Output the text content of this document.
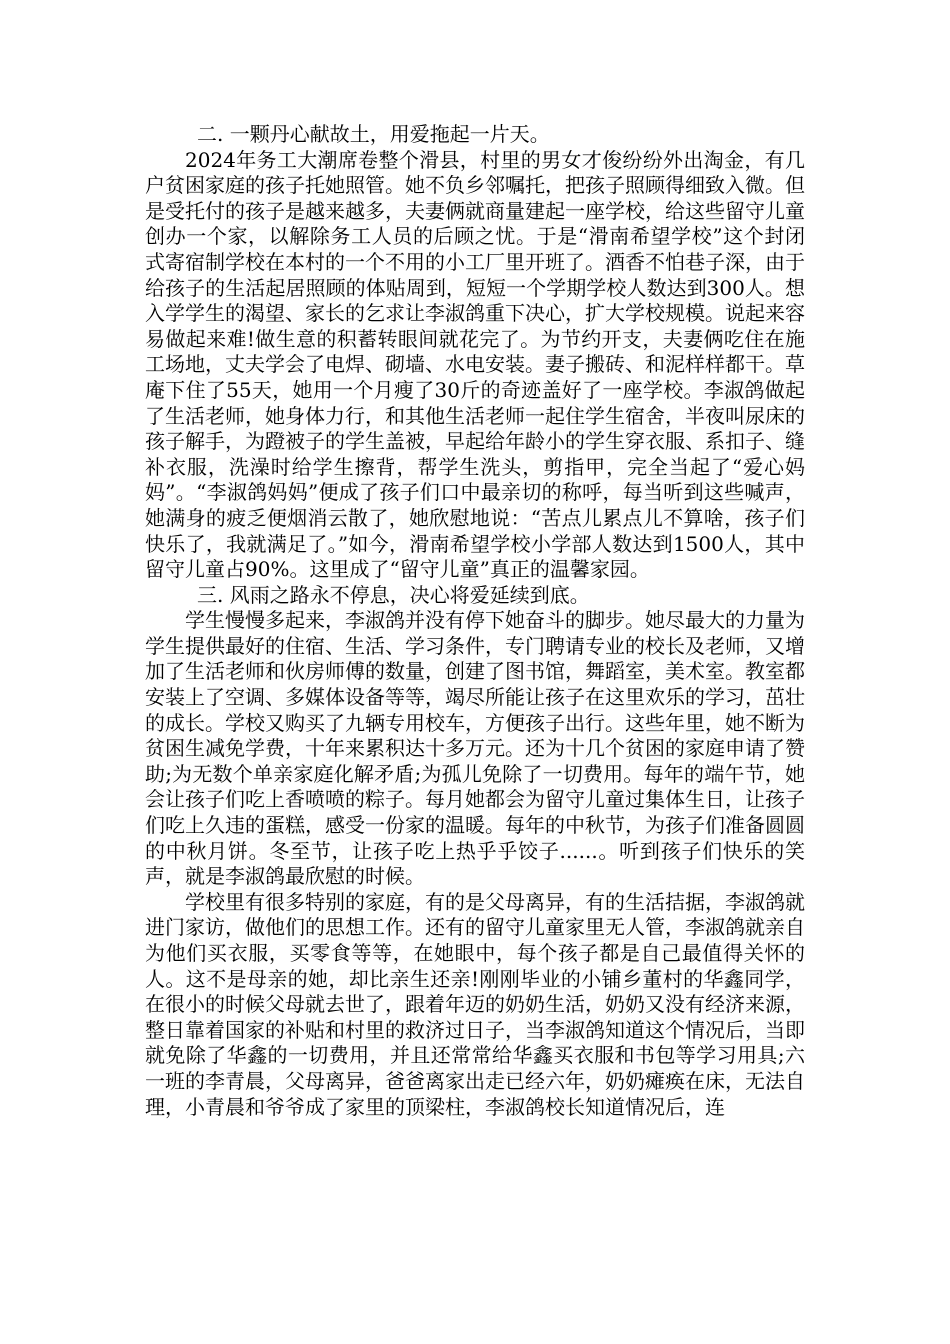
二. 一颗丹心献故土，用爱拖起一片天。

2024年务工大潮席卷整个滑县，村里的男女才俊纷纷外出淘金，有几户贫困家庭的孩子托她照管。她不负乡邻嘱托，把孩子照顾得细致入微。但是受托付的孩子是越来越多，夫妻俩就商量建起一座学校，给这些留守儿童创办一个家，以解除务工人员的后顾之忧。于是“滑南希望学校”这个封闭式寄宿制学校在本村的一个不用的小工厂里开班了。酒香不怕巷子深，由于给孩子的生活起居照顾的体贴周到，短短一个学期学校人数达到300人。想入学学生的渴望、家长的乞求让李淑鸽重下决心，扩大学校规模。说起来容易做起来难!做生意的积蓄转眼间就花完了。为节约开支，夫妻俩吃住在施工场地，丈夫学会了电焊、砌墙、水电安装。妻子搬砖、和泥样样都干。草庵下住了55天，她用一个月瘦了30斤的奇迹盖好了一座学校。李淑鸽做起了生活老师，她身体力行，和其他生活老师一起住学生宿舍，半夜叫尿床的孩子解手，为蹬被子的学生盖被，早起给年龄小的学生穿衣服、系扣子、缝补衣服，洗澡时给学生擦背，帮学生洗头，剪指甲，完全当起了“爱心妈妈”。“李淑鸽妈妈”便成了孩子们口中最亲切的称呼，每当听到这些喊声，她满身的疲乏便烟消云散了，她欣慰地说：“苦点儿累点儿不算啥，孩子们快乐了，我就满足了。”如今，滑南希望学校小学部人数达到1500人，其中留守儿童占90%。这里成了“留守儿童”真正的温馨家园。

三. 风雨之路永不停息，决心将爱延续到底。

学生慢慢多起来，李淑鸽并没有停下她奋斗的脚步。她尽最大的力量为学生提供最好的住宿、生活、学习条件，专门聘请专业的校长及老师，又增加了生活老师和伙房师傅的数量，创建了图书馆，舞蹈室，美术室。教室都安装上了空调、多媒体设备等等，竭尽所能让孩子在这里欢乐的学习，茁壮的成长。学校又购买了九辆专用校车，方便孩子出行。这些年里，她不断为贫困生减免学费，十年来累积达十多万元。还为十几个贫困的家庭申请了赞助;为无数个单亲家庭化解矛盾;为孤儿免除了一切费用。每年的端午节，她会让孩子们吃上香喷喷的粽子。每月她都会为留守儿童过集体生日，让孩子们吃上久违的蛋糕，感受一份家的温暖。每年的中秋节，为孩子们准备圆圆的中秋月饼。冬至节，让孩子吃上热乎乎饺子......。听到孩子们快乐的笑声，就是李淑鸽最欣慰的时候。

学校里有很多特别的家庭，有的是父母离异，有的生活拮据，李淑鸽就进门家访，做他们的思想工作。还有的留守儿童家里无人管，李淑鸽就亲自为他们买衣服，买零食等等，在她眼中，每个孩子都是自己最值得关怀的人。这不是母亲的她，却比亲生还亲!刚刚毕业的小铺乡董村的华鑫同学，在很小的时候父母就去世了，跟着年迈的奶奶生活，奶奶又没有经济来源，整日靠着国家的补贴和村里的救济过日子，当李淑鸽知道这个情况后，当即就免除了华鑫的一切费用，并且还常常给华鑫买衣服和书包等学习用具;六一班的李青晨，父母离异，爸爸离家出走已经六年，奶奶瘫痪在床，无法自理，小青晨和爷爷成了家里的顶梁柱，李淑鸽校长知道情况后，连
